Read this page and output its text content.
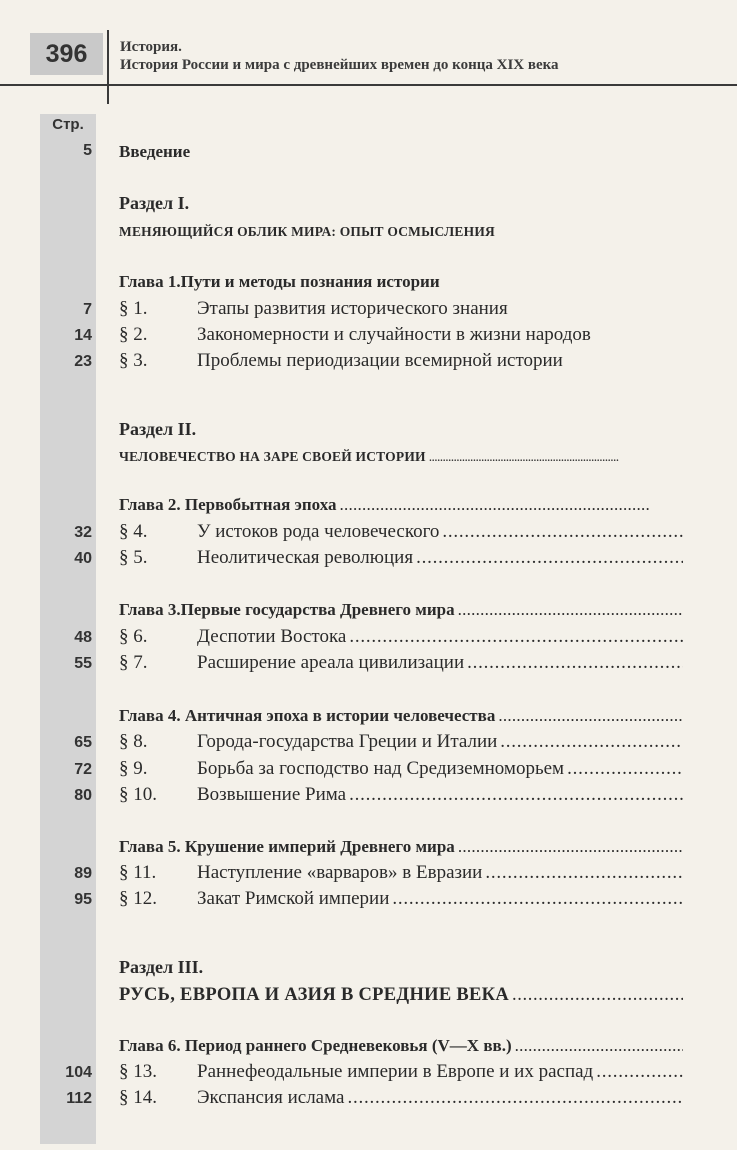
396	История.
История России и мира с древнейших времен до конца XIX века
Стр.
5 Введение
Раздел I.
МЕНЯЮЩИЙСЯ ОБЛИК МИРА: ОПЫТ ОСМЫСЛЕНИЯ
Глава 1.Пути и методы познания истории
7 § 1.	Этапы развития исторического знания
14 § 2.	Закономерности и случайности в жизни народов
23 § 3.	Проблемы периодизации всемирной истории
Раздел II.
ЧЕЛОВЕЧЕСТВО НА ЗАРЕ СВОЕЙ ИСТОРИИ
. .
Глава 2. Первобытная эпоха
. .
32 § 4.	У истоков рода человеческого
. .
40 § 5.	Неолитическая революция
. .
Глава 3.Первые государства Древнего мира
. .
48 § 6.	Деспотии Востока
. .
55 § 7.	Расширение ареала цивилизации
. .
Глава 4. Античная эпоха в истории человечества
. .
65 § 8.	Города-государства Греции и Италии
. .
72 § 9.	Борьба за господство над Средиземноморьем
. .
80 § 10.	Возвышение Рима
. .
Глава 5. Крушение империй Древнего мира
. .
89 § 11.	Наступление «варваров» в Евразии
. .
95 § 12.	Закат Римской империи
. .
Раздел III.
РУСЬ, ЕВРОПА И АЗИЯ В СРЕДНИЕ ВЕКА
. .
Глава 6. Период раннего Средневековья (V—X вв.)
. .
104 § 13.	Раннефеодальные империи в Европе и их распад
. .
112 § 14.	Экспансия ислама
. .
